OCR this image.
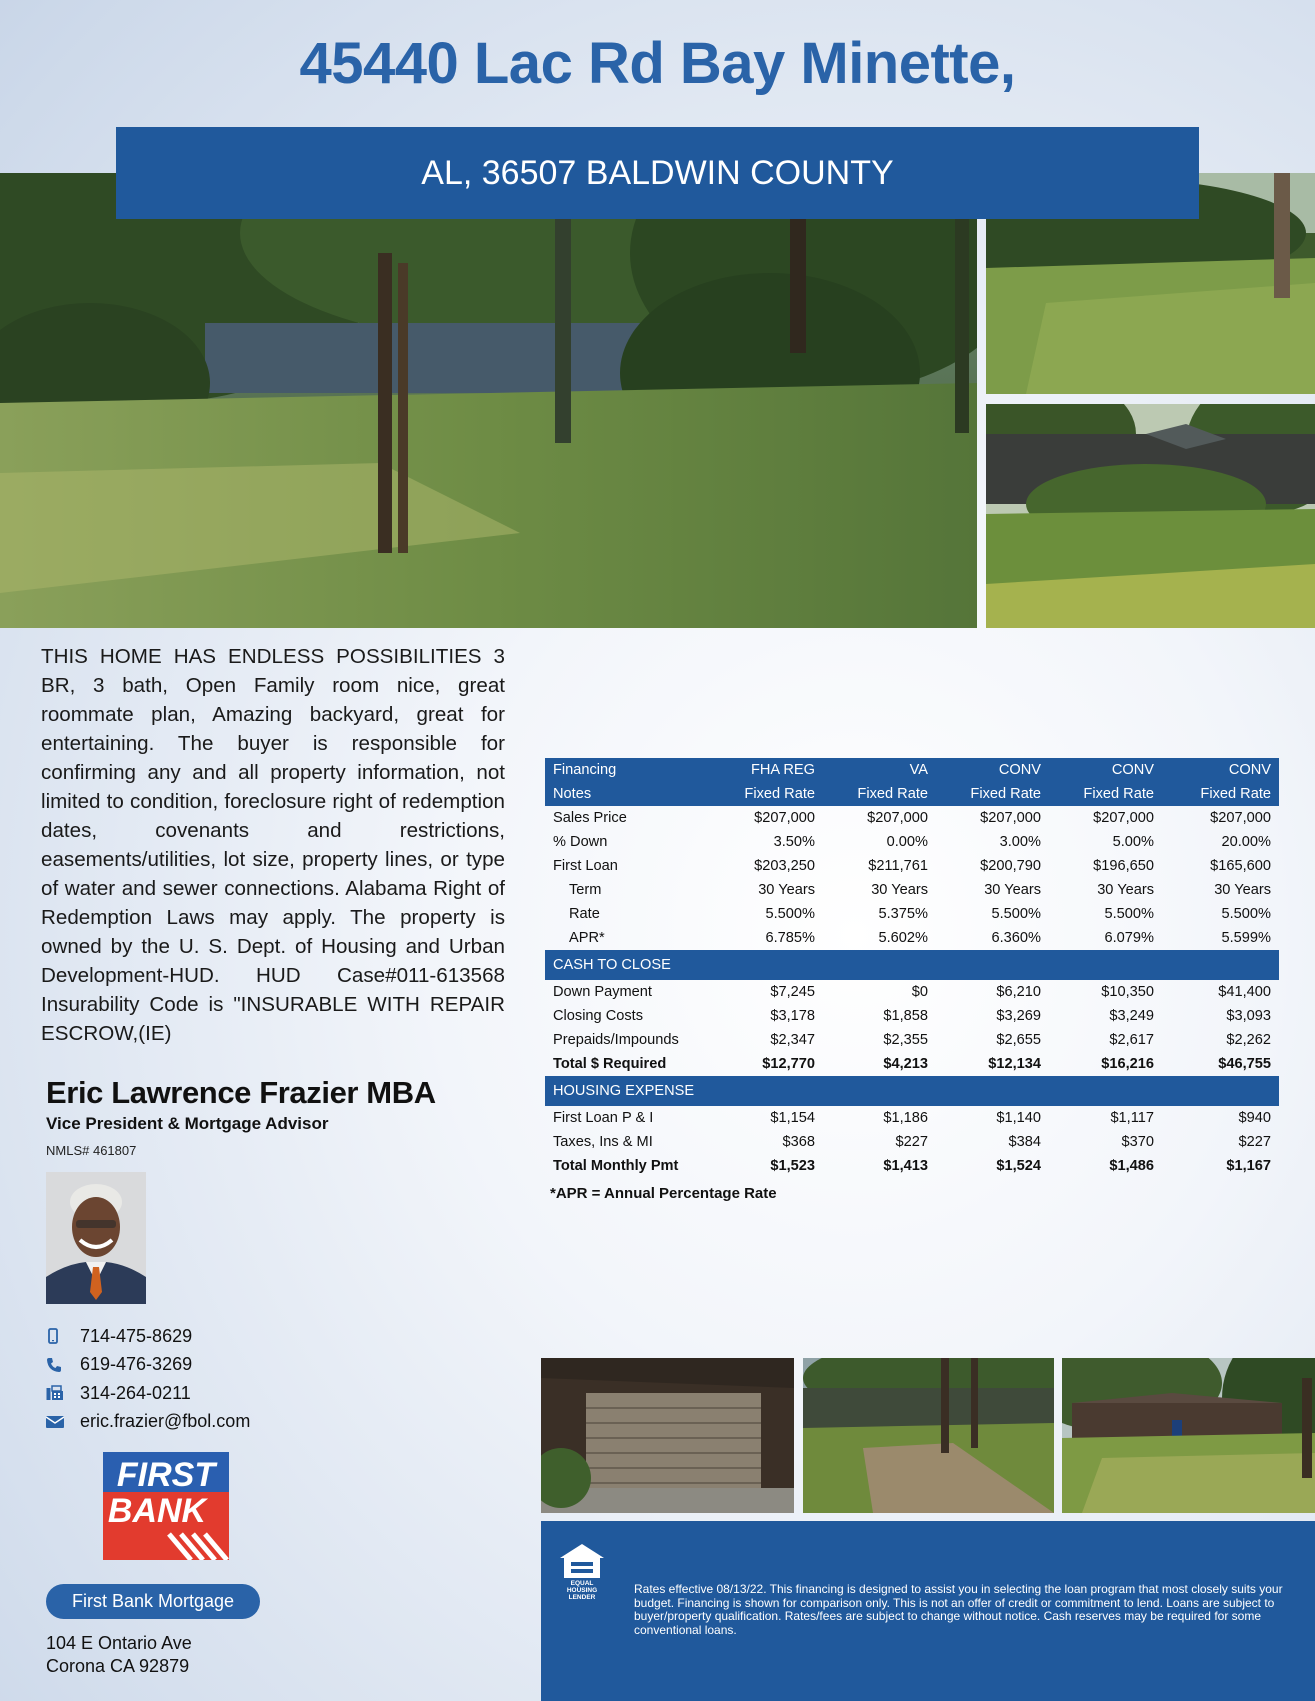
45440 Lac Rd Bay Minette,
AL, 36507 BALDWIN COUNTY
THIS HOME HAS ENDLESS POSSIBILITIES 3 BR, 3 bath, Open Family room nice, great roommate plan, Amazing backyard, great for entertaining. The buyer is responsible for confirming any and all property information, not limited to condition, foreclosure right of redemption dates, covenants and restrictions, easements/utilities, lot size, property lines, or type of water and sewer connections. Alabama Right of Redemption Laws may apply. The property is owned by the U. S. Dept. of Housing and Urban Development-HUD. HUD Case#011-613568 Insurability Code is "INSURABLE WITH REPAIR ESCROW,(IE)
Eric Lawrence Frazier MBA
Vice President & Mortgage Advisor
NMLS# 461807
714-475-8629
619-476-3269
314-264-0211
eric.frazier@fbol.com
FIRST
BANK
First Bank Mortgage
104 E Ontario Ave
Corona CA 92879
Financing	FHA REG	VA	CONV	CONV	CONV
Notes	Fixed Rate	Fixed Rate	Fixed Rate	Fixed Rate	Fixed Rate
Sales Price	$207,000	$207,000	$207,000	$207,000	$207,000
% Down	3.50%	0.00%	3.00%	5.00%	20.00%
First Loan	$203,250	$211,761	$200,790	$196,650	$165,600
Term	30 Years	30 Years	30 Years	30 Years	30 Years
Rate	5.500%	5.375%	5.500%	5.500%	5.500%
APR*	6.785%	5.602%	6.360%	6.079%	5.599%
CASH TO CLOSE					
Down Payment	$7,245	$0	$6,210	$10,350	$41,400
Closing Costs	$3,178	$1,858	$3,269	$3,249	$3,093
Prepaids/Impounds	$2,347	$2,355	$2,655	$2,617	$2,262
Total $ Required	$12,770	$4,213	$12,134	$16,216	$46,755
HOUSING EXPENSE					
First Loan P & I	$1,154	$1,186	$1,140	$1,117	$940
Taxes, Ins & MI	$368	$227	$384	$370	$227
Total Monthly Pmt	$1,523	$1,413	$1,524	$1,486	$1,167
*APR = Annual Percentage Rate
EQUAL HOUSING LENDER
Rates effective 08/13/22. This financing is designed to assist you in selecting the loan program that most closely suits your budget. Financing is shown for comparison only. This is not an offer of credit or commitment to lend. Loans are subject to buyer/property qualification. Rates/fees are subject to change without notice. Cash reserves may be required for some conventional loans.
